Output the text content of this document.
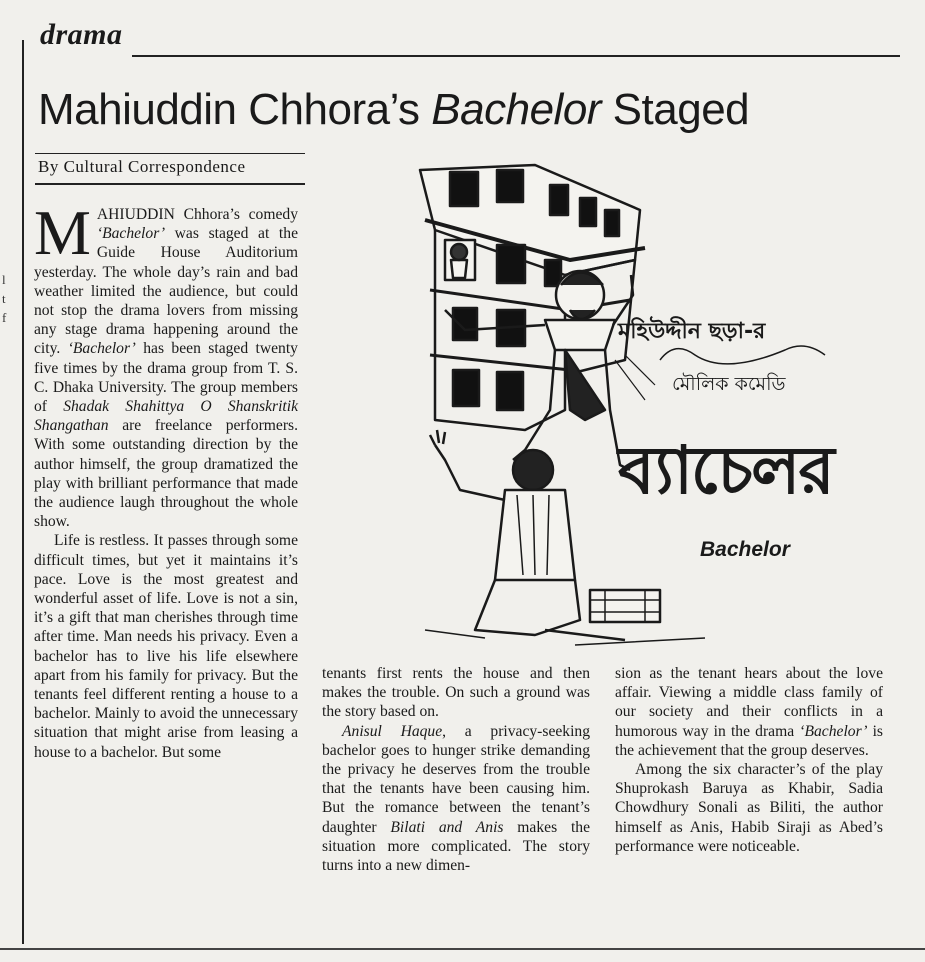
l
t
f
drama
Mahiuddin Chhora’s Bachelor Staged
By Cultural Correspondence

MAHIUDDIN Chhora’s comedy ‘Bachelor’ was staged at the Guide House Auditorium yesterday. The whole day’s rain and bad weather limited the audience, but could not stop the drama lovers from missing any stage drama happening around the city. ‘Bachelor’ has been staged twenty five times by the drama group from T. S. C. Dhaka University. The group members of Shadak Shahittya O Shanskritik Shangathan are freelance performers. With some outstanding direction by the author himself, the group dramatized the play with brilliant performance that made the audience laugh throughout the whole show.

Life is restless. It passes through some difficult times, but yet it maintains it’s pace. Love is the most greatest and wonderful asset of life. Love is not a sin, it’s a gift that man cherishes through time after time. Man needs his privacy. Even a bachelor has to live his life elsewhere apart from his family for privacy. But the tenants feel different renting a house to a bachelor. Mainly to avoid the unnecessary situation that might arise from leasing a house to a bachelor. But some

tenants first rents the house and then makes the trouble. On such a ground was the story based on.

Anisul Haque, a privacy-seeking bachelor goes to hunger strike demanding the privacy he deserves from the trouble that the tenants have been causing him. But the romance between the tenant’s daughter Bilati and Anis makes the situation more complicated. The story turns into a new dimen-

sion as the tenant hears about the love affair. Viewing a middle class family of our society and their conflicts in a humorous way in the drama ‘Bachelor’ is the achievement that the group deserves.

Among the six character’s of the play Shuprokash Baruya as Khabir, Sadia Chowdhury Sonali as Biliti, the author himself as Anis, Habib Siraji as Abed’s performance were noticeable.

মহিউদ্দীন ছড়া-র
মৌলিক কমেডি
ব্যাচেলর
Bachelor
